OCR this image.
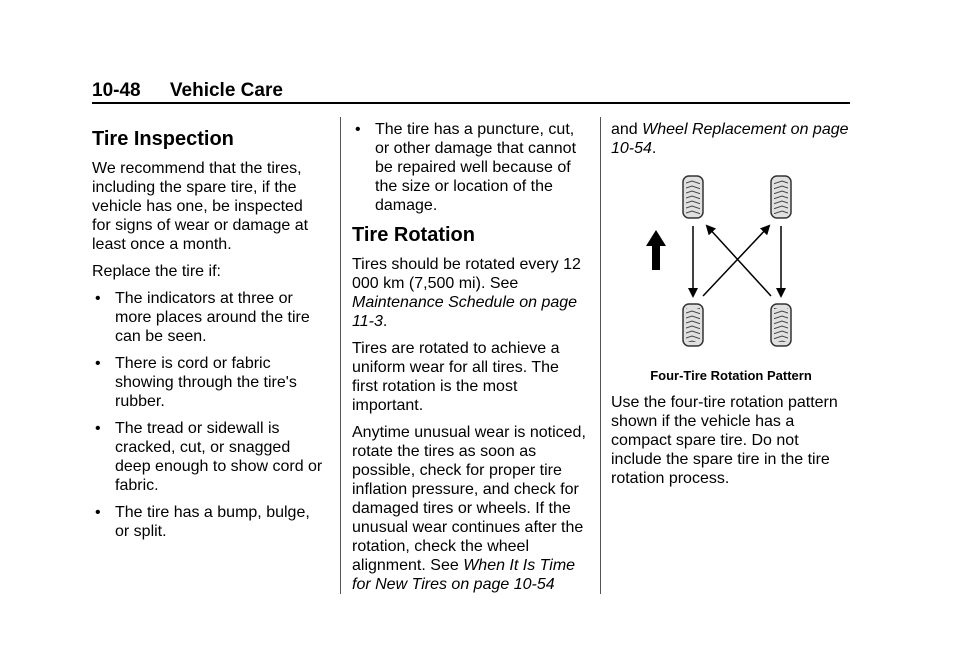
10-48 Vehicle Care
Tire Inspection

We recommend that the tires, including the spare tire, if the vehicle has one, be inspected for signs of wear or damage at least once a month.

Replace the tire if:

• The indicators at three or more places around the tire can be seen.
• There is cord or fabric showing through the tire's rubber.
• The tread or sidewall is cracked, cut, or snagged deep enough to show cord or fabric.
• The tire has a bump, bulge, or split.
• The tire has a puncture, cut, or other damage that cannot be repaired well because of the size or location of the damage.
Tire Rotation

Tires should be rotated every 12 000 km (7,500 mi). See Maintenance Schedule on page 11-3.

Tires are rotated to achieve a uniform wear for all tires. The first rotation is the most important.

Anytime unusual wear is noticed, rotate the tires as soon as possible, check for proper tire inflation pressure, and check for damaged tires or wheels. If the unusual wear continues after the rotation, check the wheel alignment. See When It Is Time for New Tires on page 10-54

and Wheel Replacement on page 10-54.

Four-Tire Rotation Pattern

Use the four-tire rotation pattern shown if the vehicle has a compact spare tire. Do not include the spare tire in the tire rotation process.
